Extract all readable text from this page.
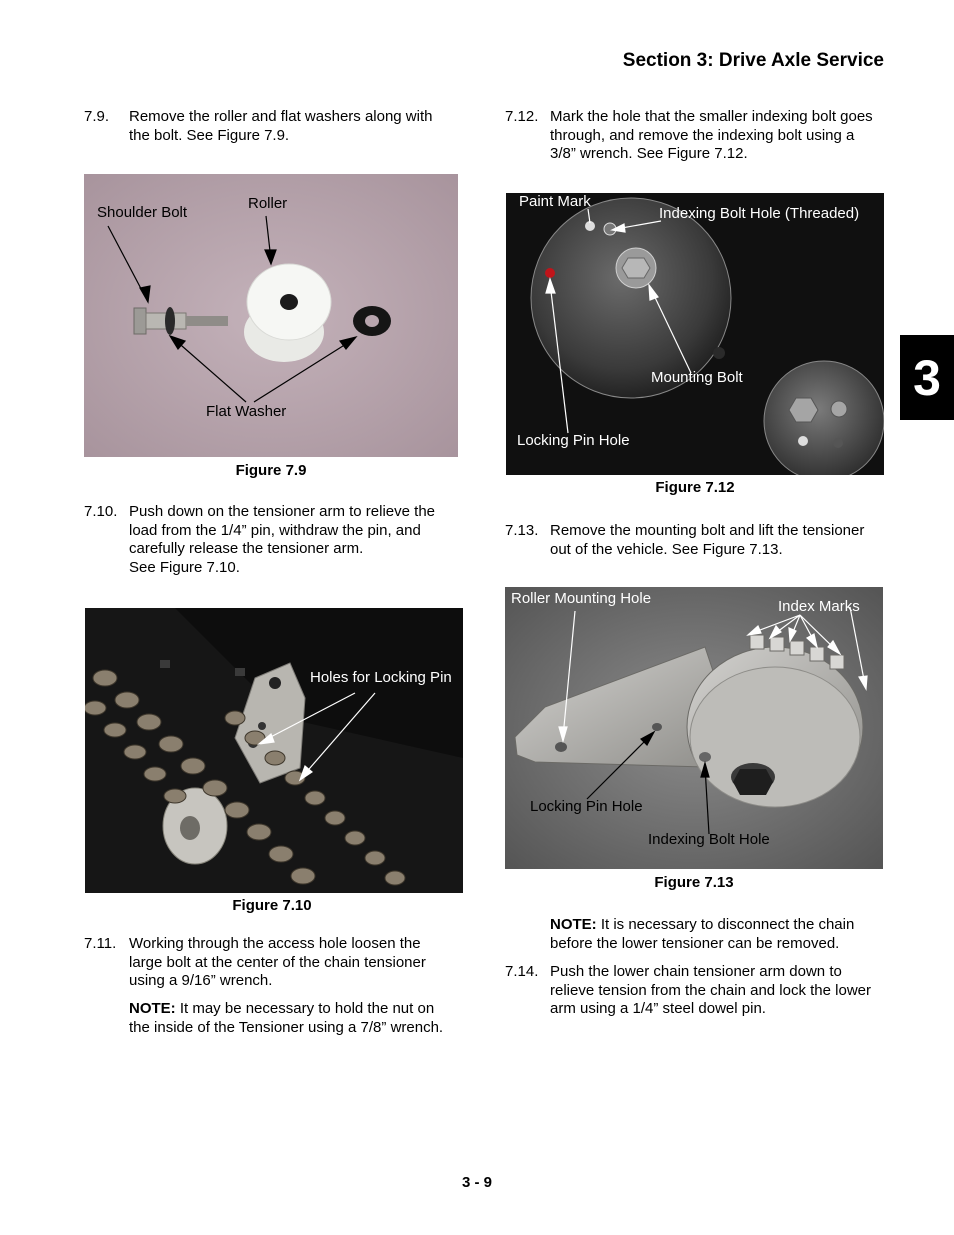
Section 3: Drive Axle Service
3
7.9. Remove the roller and flat washers along with
the bolt. See Figure 7.9.
Shoulder Bolt
Roller
Flat Washer
Figure 7.9
7.10. Push down on the tensioner arm to relieve the
load from the 1/4” pin, withdraw the pin, and
carefully release the tensioner arm.
See Figure 7.10.
Holes for Locking Pin
Figure 7.10
7.11. Working through the access hole loosen the
large bolt at the center of the chain tensioner
using a 9/16” wrench.
NOTE: It may be necessary to hold the nut on
the inside of the Tensioner using a 7/8” wrench.
7.12. Mark the hole that the smaller indexing bolt goes
through, and remove the indexing bolt using a
3/8” wrench. See Figure 7.12.
Paint Mark
Indexing Bolt Hole (Threaded)
Mounting Bolt
Locking Pin Hole
Figure 7.12
7.13. Remove the mounting bolt and lift the tensioner
out of the vehicle. See Figure 7.13.
Roller Mounting Hole	Index Marks
Locking Pin Hole
Indexing Bolt Hole
Figure 7.13
NOTE: It is necessary to disconnect the chain
before the lower tensioner can be removed.
7.14. Push the lower chain tensioner arm down to
relieve tension from the chain and lock the lower
arm using a 1/4” steel dowel pin.
3 - 9
